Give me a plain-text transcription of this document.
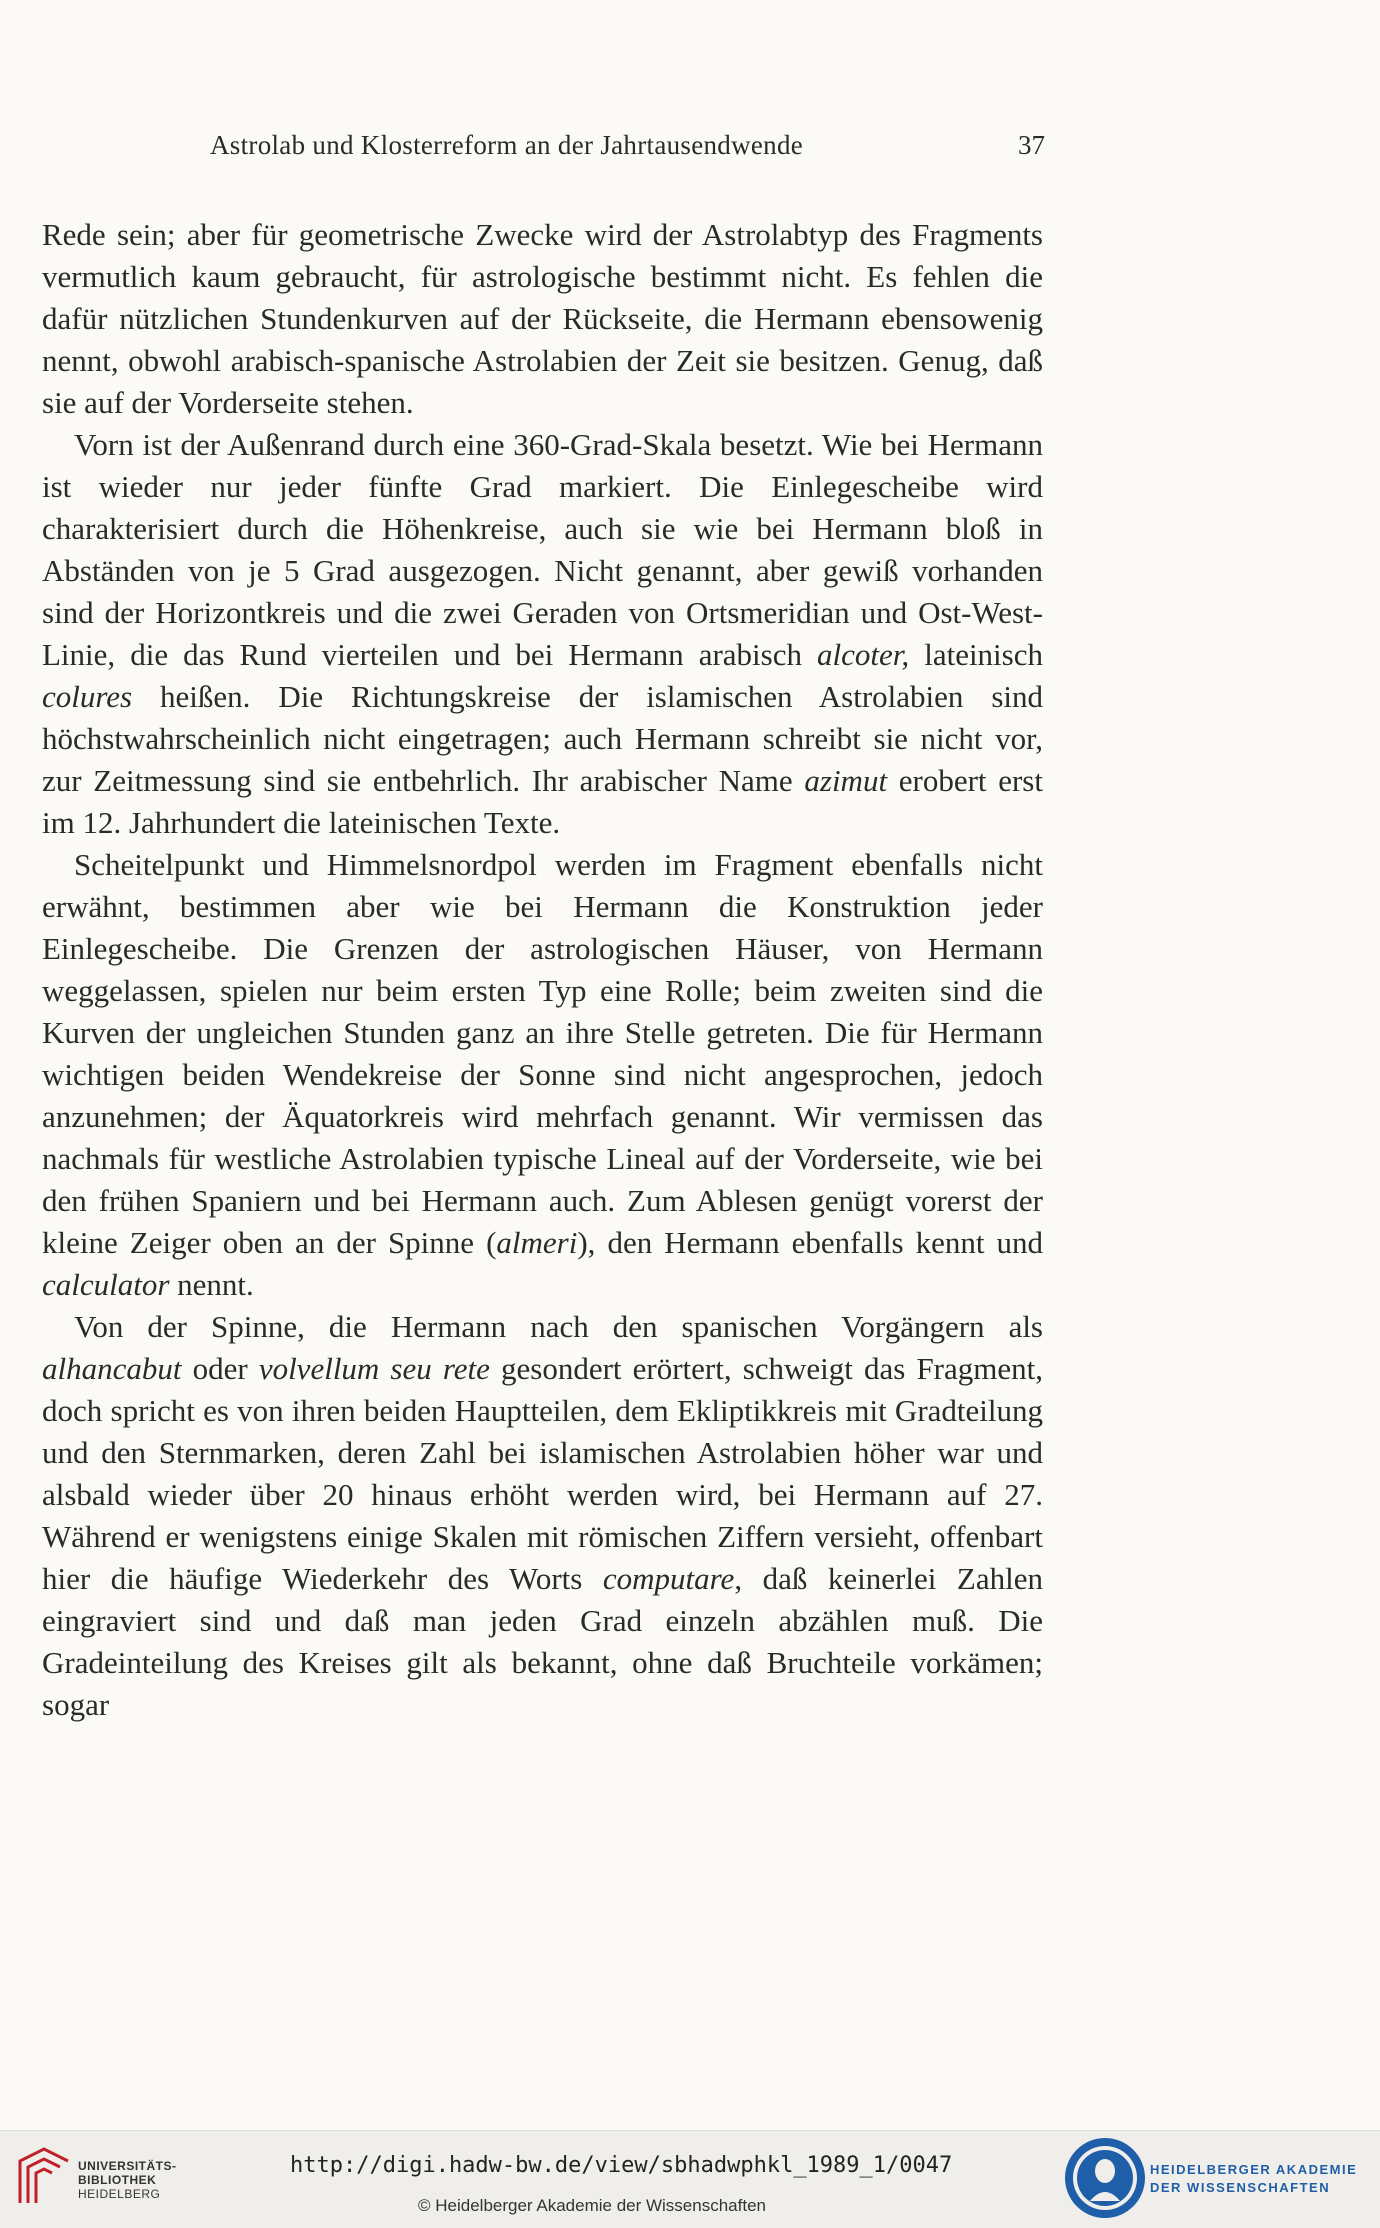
Astrolab und Klosterreform an der Jahrtausendwende	37

Rede sein; aber für geometrische Zwecke wird der Astrolabtyp des Fragments vermutlich kaum gebraucht, für astrologische bestimmt nicht. Es fehlen die dafür nützlichen Stundenkurven auf der Rückseite, die Hermann ebensowenig nennt, obwohl arabisch-spanische Astrolabien der Zeit sie besitzen. Genug, daß sie auf der Vorderseite stehen.

Vorn ist der Außenrand durch eine 360-Grad-Skala besetzt. Wie bei Hermann ist wieder nur jeder fünfte Grad markiert. Die Einlegescheibe wird charakterisiert durch die Höhenkreise, auch sie wie bei Hermann bloß in Abständen von je 5 Grad ausgezogen. Nicht genannt, aber gewiß vorhanden sind der Horizontkreis und die zwei Geraden von Ortsmeridian und Ost-West-Linie, die das Rund vierteilen und bei Hermann arabisch alcoter, lateinisch colures heißen. Die Richtungskreise der islamischen Astrolabien sind höchstwahrscheinlich nicht eingetragen; auch Hermann schreibt sie nicht vor, zur Zeitmessung sind sie entbehrlich. Ihr arabischer Name azimut erobert erst im 12. Jahrhundert die lateinischen Texte.

Scheitelpunkt und Himmelsnordpol werden im Fragment ebenfalls nicht erwähnt, bestimmen aber wie bei Hermann die Konstruktion jeder Einlegescheibe. Die Grenzen der astrologischen Häuser, von Hermann weggelassen, spielen nur beim ersten Typ eine Rolle; beim zweiten sind die Kurven der ungleichen Stunden ganz an ihre Stelle getreten. Die für Hermann wichtigen beiden Wendekreise der Sonne sind nicht angesprochen, jedoch anzunehmen; der Äquatorkreis wird mehrfach genannt. Wir vermissen das nachmals für westliche Astrolabien typische Lineal auf der Vorderseite, wie bei den frühen Spaniern und bei Hermann auch. Zum Ablesen genügt vorerst der kleine Zeiger oben an der Spinne (almeri), den Hermann ebenfalls kennt und calculator nennt.

Von der Spinne, die Hermann nach den spanischen Vorgängern als alhancabut oder volvellum seu rete gesondert erörtert, schweigt das Fragment, doch spricht es von ihren beiden Hauptteilen, dem Ekliptikkreis mit Gradteilung und den Sternmarken, deren Zahl bei islamischen Astrolabien höher war und alsbald wieder über 20 hinaus erhöht werden wird, bei Hermann auf 27. Während er wenigstens einige Skalen mit römischen Ziffern versieht, offenbart hier die häufige Wiederkehr des Worts computare, daß keinerlei Zahlen eingraviert sind und daß man jeden Grad einzeln abzählen muß. Die Gradeinteilung des Kreises gilt als bekannt, ohne daß Bruchteile vorkämen; sogar

UNIVERSITÄTS-
BIBLIOTHEK
HEIDELBERG
http://digi.hadw-bw.de/view/sbhadwphkl_1989_1/0047
© Heidelberger Akademie der Wissenschaften
HEIDELBERGER AKADEMIE
DER WISSENSCHAFTEN
